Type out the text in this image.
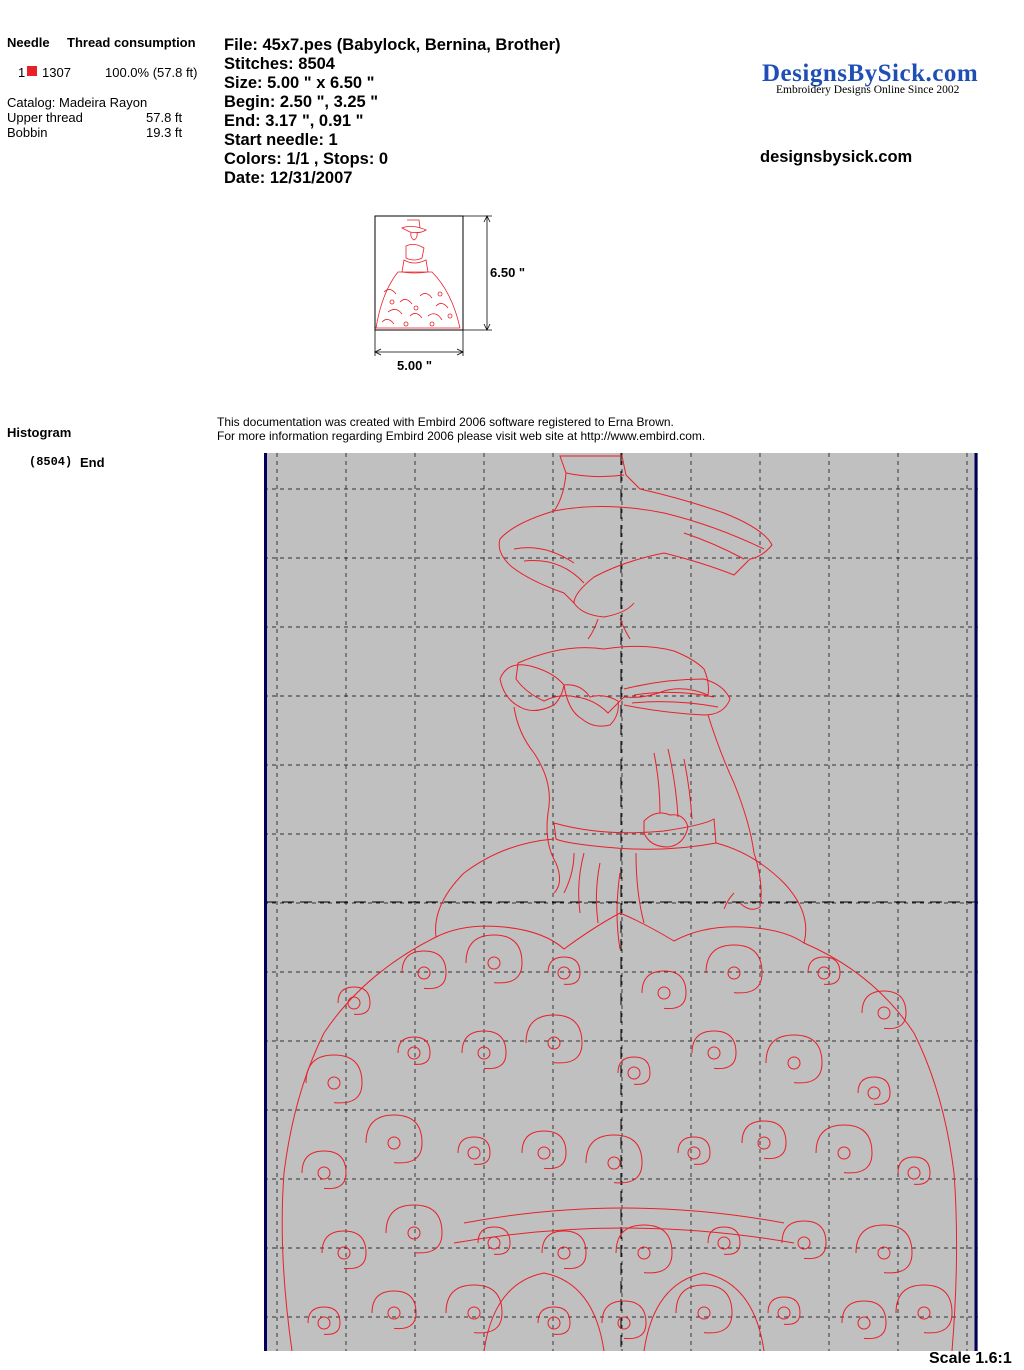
Needle Thread consumption
1 1307	100.0% (57.8 ft)
Catalog: Madeira Rayon
Upper thread	57.8 ft
Bobbin	19.3 ft
Histogram
(8504) End
File: 45x7.pes (Babylock, Bernina, Brother)
Stitches: 8504
Size: 5.00 " x 6.50 "
Begin: 2.50 ", 3.25 "
End: 3.17 ", 0.91 "
Start needle: 1
Colors: 1/1 , Stops: 0
Date: 12/31/2007
DesignsBySick.com
Embroidery Designs Online Since 2002
designsbysick.com
6.50 "
5.00 "
This documentation was created with Embird 2006 software registered to Erna Brown.
For more information regarding Embird 2006 please visit web site at http://www.embird.com.
Scale 1.6:1
